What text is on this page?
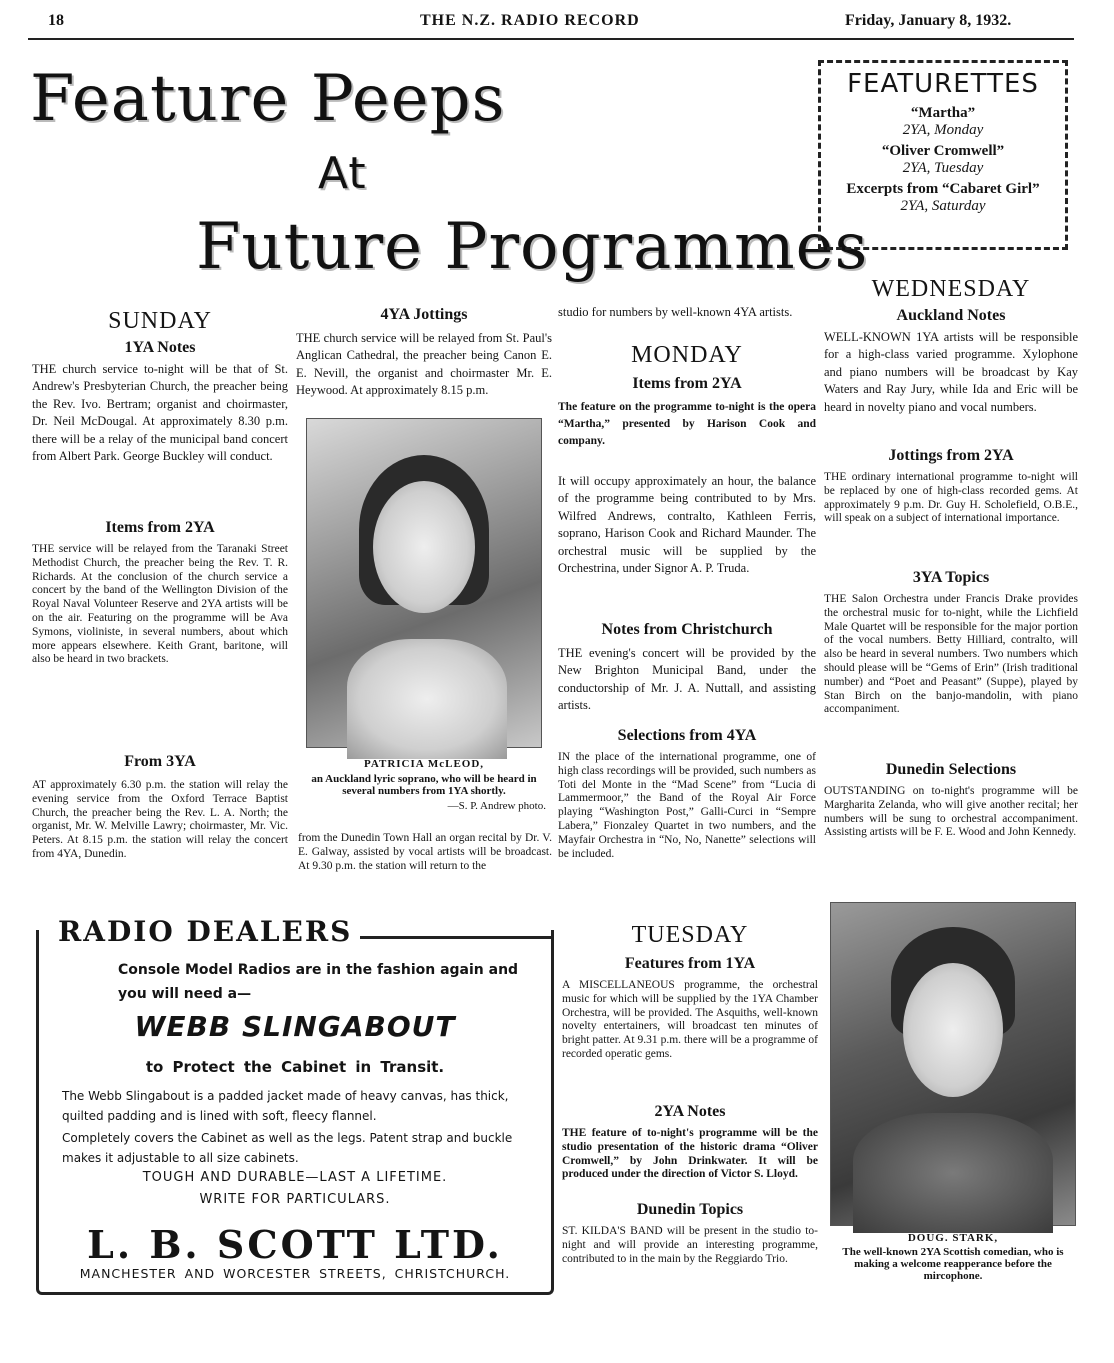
18	THE N.Z. RADIO RECORD	Friday, January 8, 1932.
Feature Peeps
At
Future Programmes
FEATURETTES
“Martha”
2YA, Monday
“Oliver Cromwell”
2YA, Tuesday
Excerpts from “Cabaret Girl”
2YA, Saturday
SUNDAY
1YA Notes

THE church service to-night will be that of St. Andrew's Presbyterian Church, the preacher being the Rev. Ivo. Bertram; organist and choirmaster, Dr. Neil McDougal. At approximately 8.30 p.m. there will be a relay of the municipal band concert from Albert Park. George Buckley will conduct.

Items from 2YA

THE service will be relayed from the Taranaki Street Methodist Church, the preacher being the Rev. T. R. Richards. At the conclusion of the church service a concert by the band of the Wellington Division of the Royal Naval Volunteer Reserve and 2YA artists will be on the air. Featuring on the programme will be Ava Symons, violiniste, in several numbers, about which more appears elsewhere. Keith Grant, baritone, will also be heard in two brackets.

From 3YA

AT approximately 6.30 p.m. the station will relay the evening service from the Oxford Terrace Baptist Church, the preacher being the Rev. L. A. North; the organist, Mr. W. Melville Lawry; choirmaster, Mr. Vic. Peters. At 8.15 p.m. the station will relay the concert from 4YA, Dunedin.

4YA Jottings

THE church service will be relayed from St. Paul's Anglican Cathedral, the preacher being Canon E. E. Nevill, the organist and choirmaster Mr. E. Heywood. At approximately 8.15 p.m.

PATRICIA McLEOD,
an Auckland lyric soprano, who will be heard in several numbers from 1YA shortly.
—S. P. Andrew photo.

from the Dunedin Town Hall an organ recital by Dr. V. E. Galway, assisted by vocal artists will be broadcast. At 9.30 p.m. the station will return to the

studio for numbers by well-known 4YA artists.

MONDAY
Items from 2YA

The feature on the programme to-night is the opera “Martha,” presented by Harison Cook and company.

It will occupy approximately an hour, the balance of the programme being contributed to by Mrs. Wilfred Andrews, contralto, Kathleen Ferris, soprano, Harison Cook and Richard Maunder. The orchestral music will be supplied by the Orchestrina, under Signor A. P. Truda.

Notes from Christchurch

THE evening's concert will be provided by the New Brighton Municipal Band, under the conductorship of Mr. J. A. Nuttall, and assisting artists.

Selections from 4YA

IN the place of the international programme, one of high class recordings will be provided, such numbers as Toti del Monte in the “Mad Scene” from “Lucia di Lammermoor,” the Band of the Royal Air Force playing “Washington Post,” Galli-Curci in “Sempre Labera,” Fionzaley Quartet in two numbers, and the Mayfair Orchestra in “No, No, Nanette” selections will be included.

WEDNESDAY
Auckland Notes

WELL-KNOWN 1YA artists will be responsible for a high-class varied programme. Xylophone and piano numbers will be broadcast by Kay Waters and Ray Jury, while Ida and Eric will be heard in novelty piano and vocal numbers.

Jottings from 2YA

THE ordinary international programme to-night will be replaced by one of high-class recorded gems. At approximately 9 p.m. Dr. Guy H. Scholefield, O.B.E., will speak on a subject of international importance.

3YA Topics

THE Salon Orchestra under Francis Drake provides the orchestral music for to-night, while the Lichfield Male Quartet will be responsible for the major portion of the vocal numbers. Betty Hilliard, contralto, will also be heard in several numbers. Two numbers which should please will be “Gems of Erin” (Irish traditional number) and “Poet and Peasant” (Suppe), played by Stan Birch on the banjo-mandolin, with piano accompaniment.

Dunedin Selections

OUTSTANDING on to-night's programme will be Margharita Zelanda, who will give another recital; her numbers will be sung to orchestral accompaniment. Assisting artists will be F. E. Wood and John Kennedy.

TUESDAY
Features from 1YA

A MISCELLANEOUS programme, the orchestral music for which will be supplied by the 1YA Chamber Orchestra, will be provided. The Asquiths, well-known novelty entertainers, will broadcast ten minutes of bright patter. At 9.31 p.m. there will be a programme of recorded operatic gems.

2YA Notes

THE feature of to-night's programme will be the studio presentation of the historic drama “Oliver Cromwell,” by John Drinkwater. It will be produced under the direction of Victor S. Lloyd.

Dunedin Topics

ST. KILDA'S BAND will be present in the studio to-night and will provide an interesting programme, contributed to in the main by the Reggiardo Trio.

DOUG. STARK,
The well-known 2YA Scottish comedian, who is making a welcome reapperance before the mircophone.
RADIO DEALERS
Console Model Radios are in the fashion again and you will need a—
WEBB SLINGABOUT
to Protect the Cabinet in Transit.
The Webb Slingabout is a padded jacket made of heavy canvas, has thick, quilted padding and is lined with soft, fleecy flannel.
Completely covers the Cabinet as well as the legs. Patent strap and buckle makes it adjustable to all size cabinets.
TOUGH AND DURABLE—LAST A LIFETIME.
WRITE FOR PARTICULARS.
L. B. SCOTT LTD.
MANCHESTER AND WORCESTER STREETS, CHRISTCHURCH.
